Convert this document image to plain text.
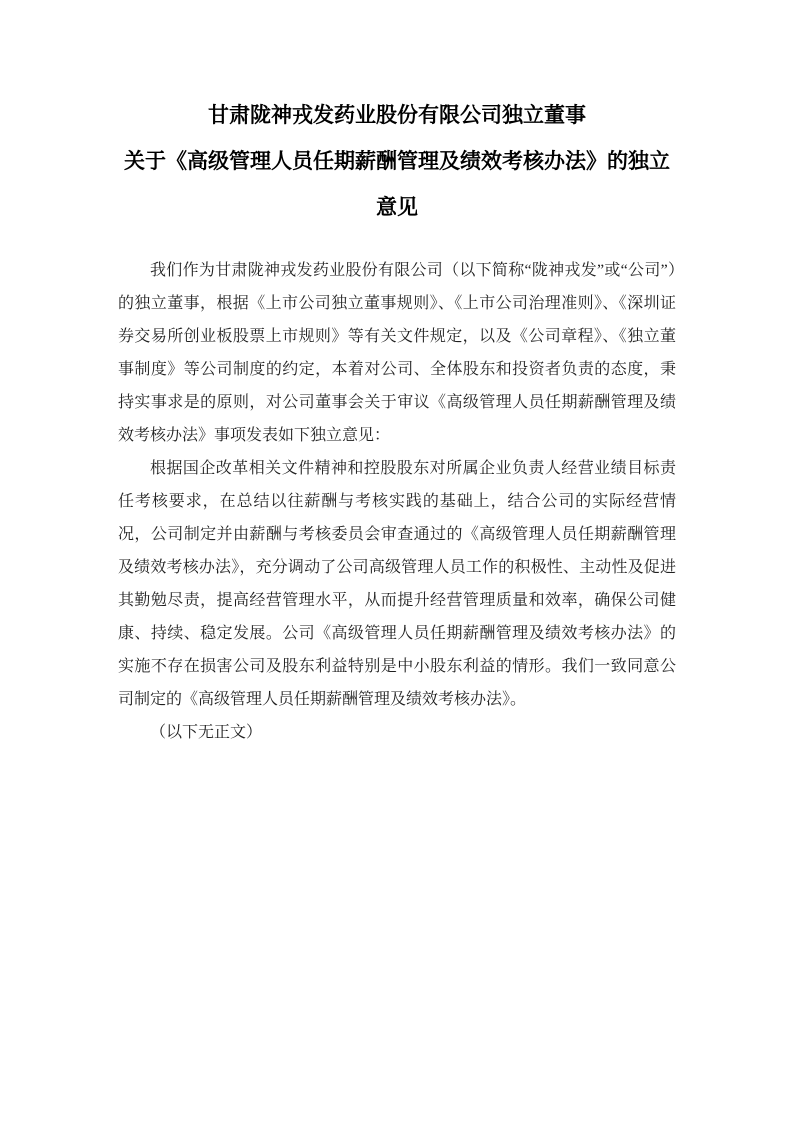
甘肃陇神戎发药业股份有限公司独立董事
关于《高级管理人员任期薪酬管理及绩效考核办法》的独立
意见

我们作为甘肃陇神戎发药业股份有限公司（以下简称“陇神戎发”或“公司”）　的独立董事，根据《上市公司独立董事规则》、《上市公司治理准则》、《深圳证券交易所创业板股票上市规则》等有关文件规定，以及《公司章程》、《独立董事制度》等公司制度的约定，本着对公司、全体股东和投资者负责的态度，秉持实事求是的原则，对公司董事会关于审议《高级管理人员任期薪酬管理及绩效考核办法》事项发表如下独立意见：

根据国企改革相关文件精神和控股股东对所属企业负责人经营业绩目标责任考核要求，在总结以往薪酬与考核实践的基础上，结合公司的实际经营情况，公司制定并由薪酬与考核委员会审查通过的《高级管理人员任期薪酬管理及绩效考核办法》，充分调动了公司高级管理人员工作的积极性、主动性及促进其勤勉尽责，提高经营管理水平，从而提升经营管理质量和效率，确保公司健康、持续、稳定发展。公司《高级管理人员任期薪酬管理及绩效考核办法》的实施不存在损害公司及股东利益特别是中小股东利益的情形。我们一致同意公司制定的《高级管理人员任期薪酬管理及绩效考核办法》。

（以下无正文）
